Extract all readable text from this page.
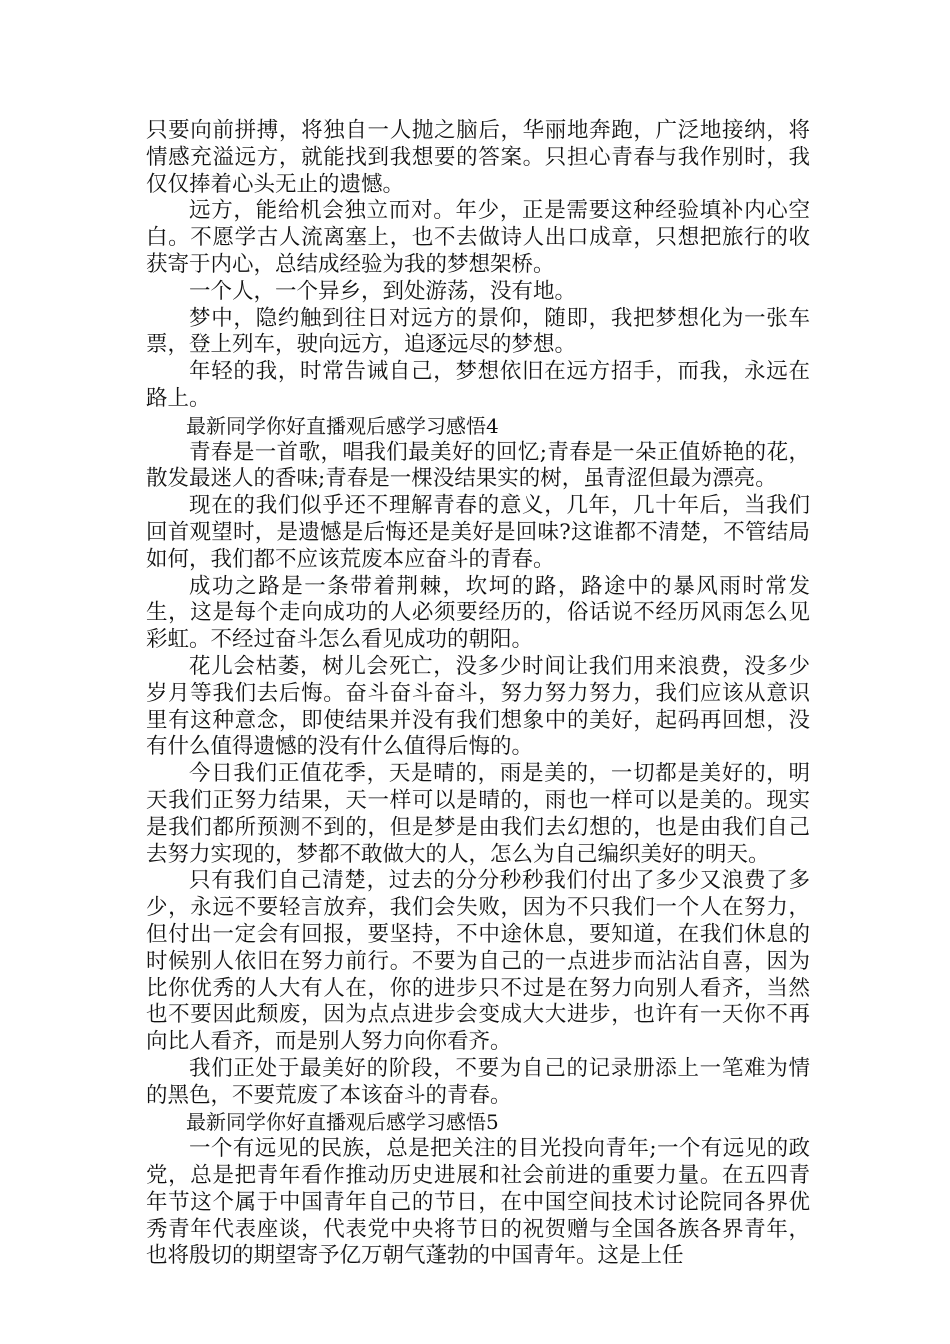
只要向前拼搏，将独自一人抛之脑后，华丽地奔跑，广泛地接纳，将情感充溢远方，就能找到我想要的答案。只担心青春与我作别时，我仅仅捧着心头无止的遗憾。

远方，能给机会独立而对。年少，正是需要这种经验填补内心空白。不愿学古人流离塞上，也不去做诗人出口成章，只想把旅行的收获寄于内心，总结成经验为我的梦想架桥。

一个人，一个异乡，到处游荡，没有地。

梦中，隐约触到往日对远方的景仰，随即，我把梦想化为一张车票，登上列车，驶向远方，追逐远尽的梦想。

年轻的我，时常告诫自己，梦想依旧在远方招手，而我，永远在路上。

最新同学你好直播观后感学习感悟4

青春是一首歌，唱我们最美好的回忆;青春是一朵正值娇艳的花，散发最迷人的香味;青春是一棵没结果实的树，虽青涩但最为漂亮。

现在的我们似乎还不理解青春的意义，几年，几十年后，当我们回首观望时，是遗憾是后悔还是美好是回味?这谁都不清楚，不管结局如何，我们都不应该荒废本应奋斗的青春。

成功之路是一条带着荆棘，坎坷的路，路途中的暴风雨时常发生，这是每个走向成功的人必须要经历的，俗话说不经历风雨怎么见彩虹。不经过奋斗怎么看见成功的朝阳。

花儿会枯萎，树儿会死亡，没多少时间让我们用来浪费，没多少岁月等我们去后悔。奋斗奋斗奋斗，努力努力努力，我们应该从意识里有这种意念，即使结果并没有我们想象中的美好，起码再回想，没有什么值得遗憾的没有什么值得后悔的。

今日我们正值花季，天是晴的，雨是美的，一切都是美好的，明天我们正努力结果，天一样可以是晴的，雨也一样可以是美的。现实是我们都所预测不到的，但是梦是由我们去幻想的，也是由我们自己去努力实现的，梦都不敢做大的人，怎么为自己编织美好的明天。

只有我们自己清楚，过去的分分秒秒我们付出了多少又浪费了多少，永远不要轻言放弃，我们会失败，因为不只我们一个人在努力，但付出一定会有回报，要坚持，不中途休息，要知道，在我们休息的时候别人依旧在努力前行。不要为自己的一点进步而沾沾自喜，因为比你优秀的人大有人在，你的进步只不过是在努力向别人看齐，当然也不要因此颓废，因为点点进步会变成大大进步，也许有一天你不再向比人看齐，而是别人努力向你看齐。

我们正处于最美好的阶段，不要为自己的记录册添上一笔难为情的黑色，不要荒废了本该奋斗的青春。

最新同学你好直播观后感学习感悟5

一个有远见的民族，总是把关注的目光投向青年;一个有远见的政党，总是把青年看作推动历史进展和社会前进的重要力量。在五四青年节这个属于中国青年自己的节日，在中国空间技术讨论院同各界优秀青年代表座谈，代表党中央将节日的祝贺赠与全国各族各界青年，也将殷切的期望寄予亿万朝气蓬勃的中国青年。这是上任
